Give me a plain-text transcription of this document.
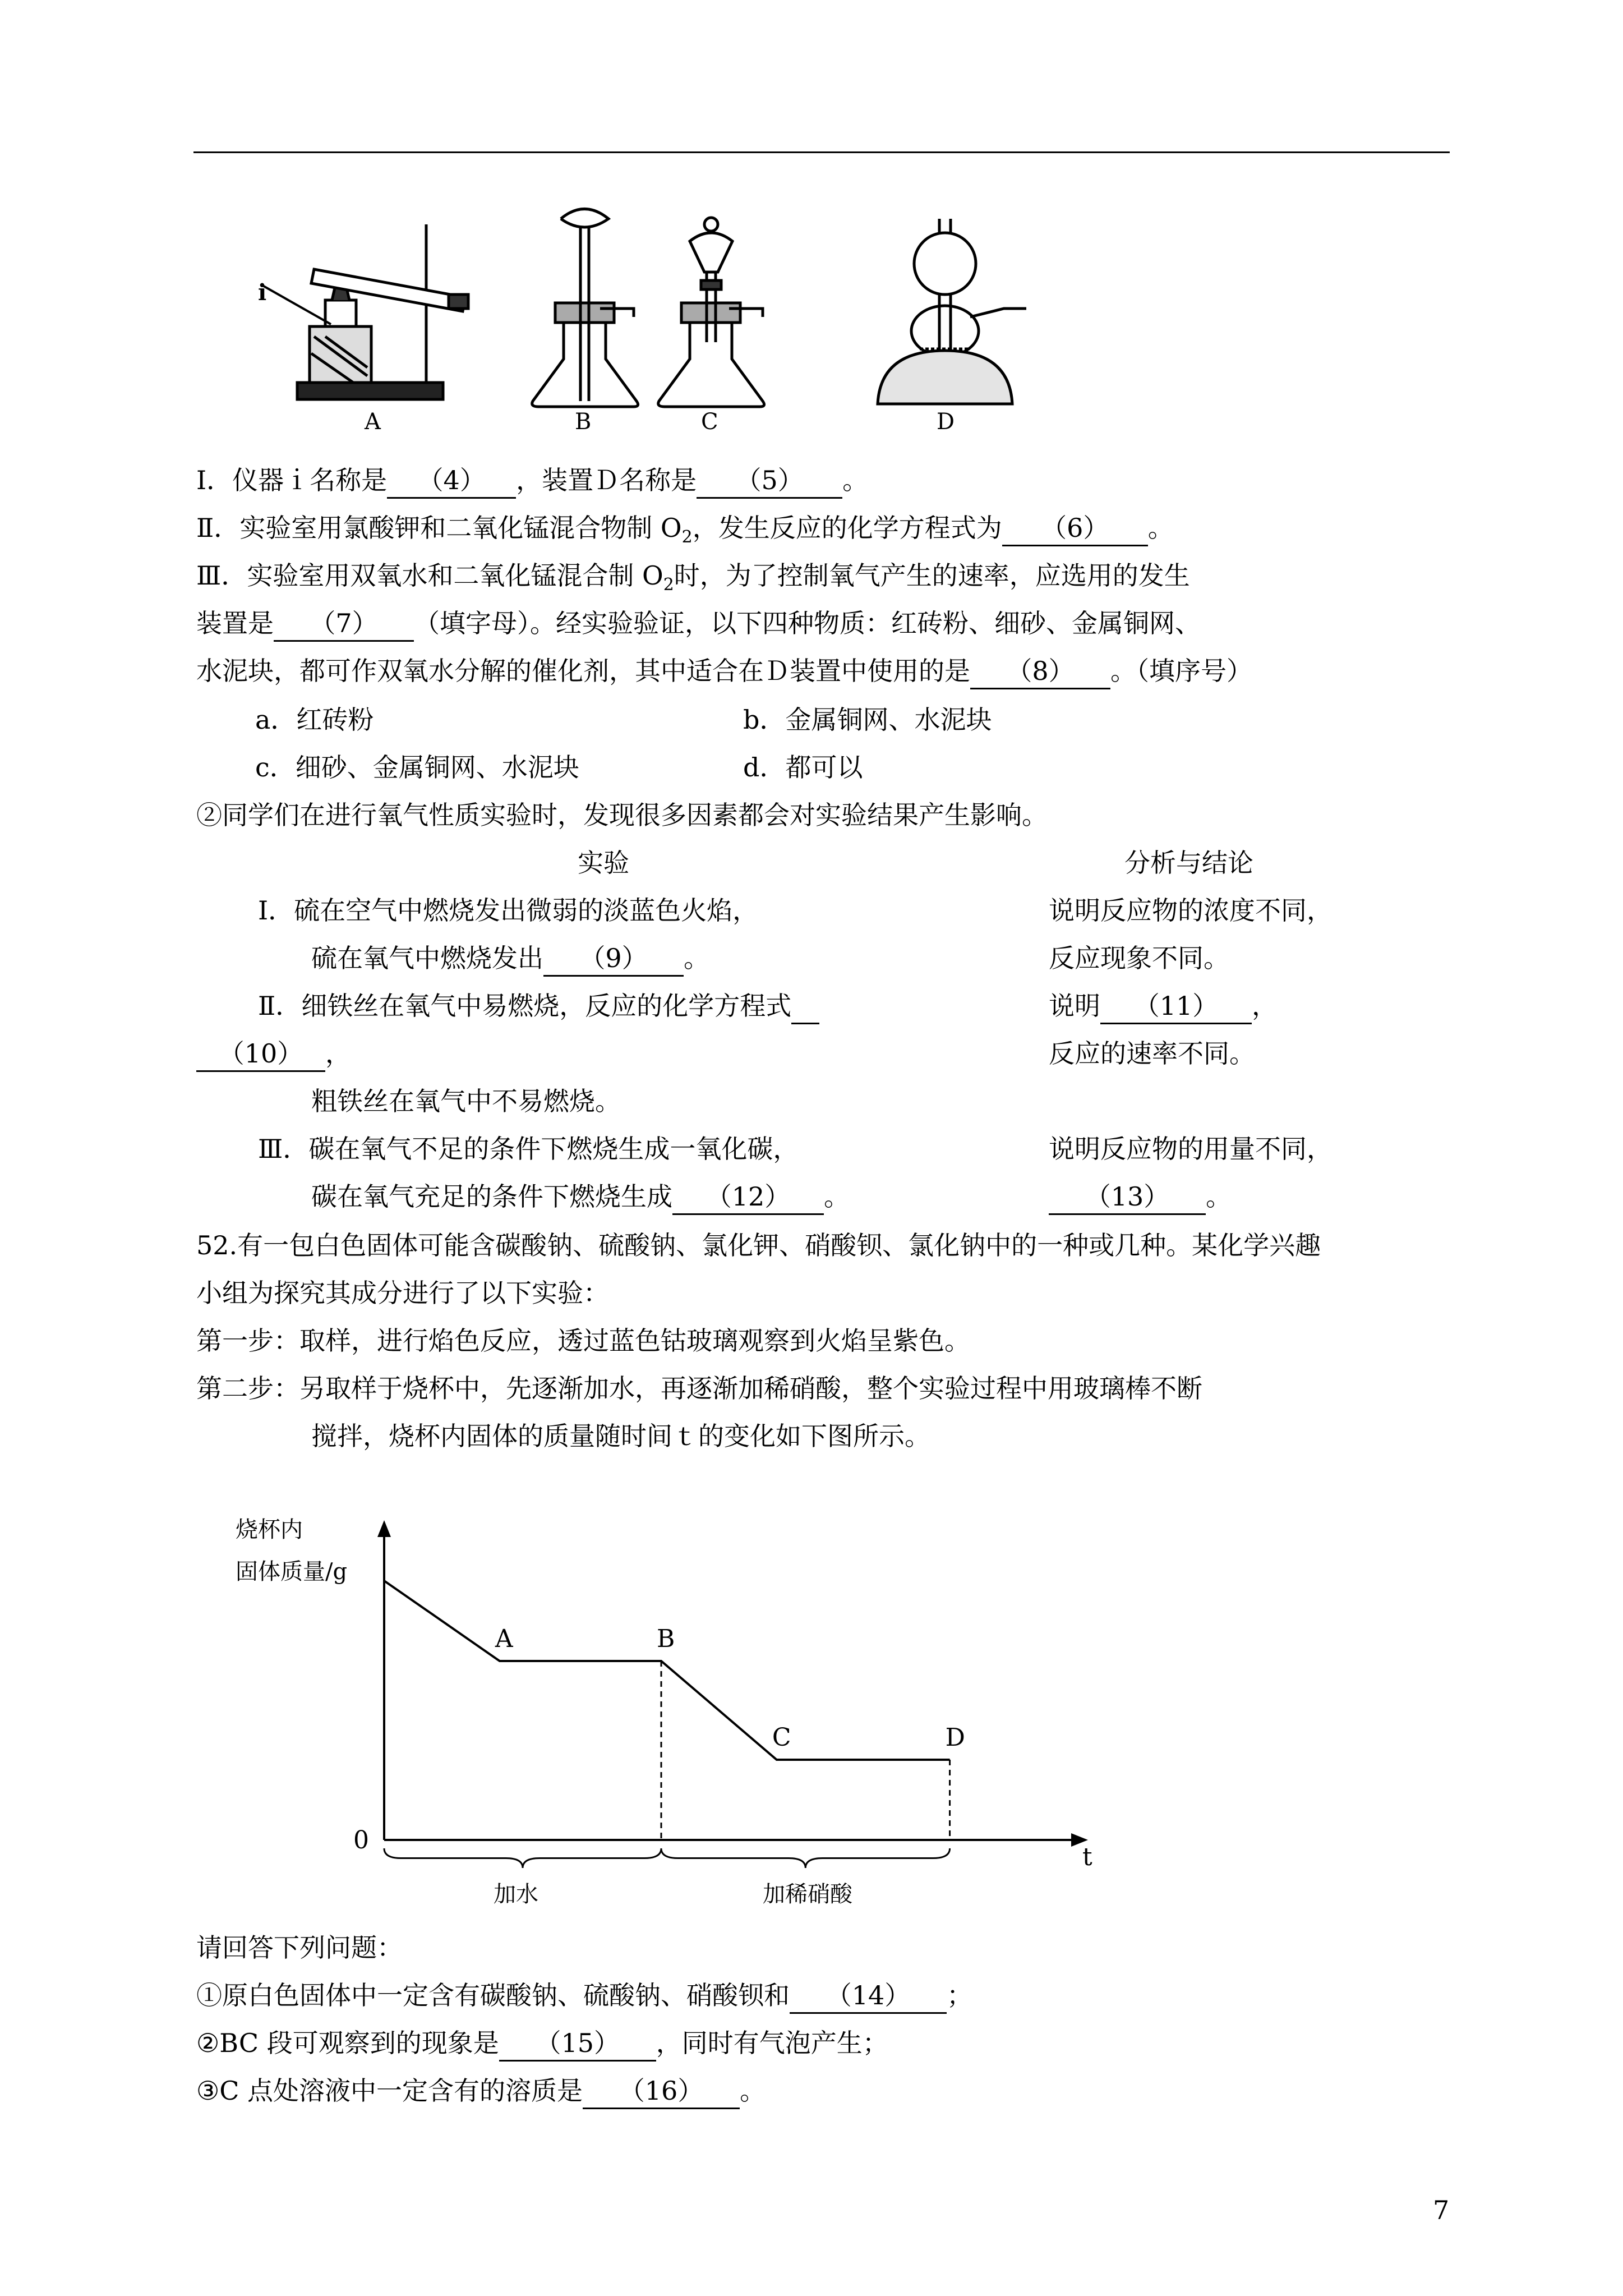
i
A	B	C	D
Ⅰ．仪器ｉ名称是 （4） ，装置Ｄ名称是 （5） 。
Ⅱ．实验室用氯酸钾和二氧化锰混合物制 $O_2$，发生反应的化学方程式为 （6） 。
Ⅲ．实验室用双氧水和二氧化锰混合制 $O_2$时，为了控制氧气产生的速率，应选用的发生
装置是 （7） （填字母）。经实验验证，以下四种物质：红砖粉、细砂、金属铜网、
水泥块，都可作双氧水分解的催化剂，其中适合在Ｄ装置中使用的是 （8） 。（填序号）
a．红砖粉	b．金属铜网、水泥块
c．细砂、金属铜网、水泥块	d．都可以
②同学们在进行氧气性质实验时，发现很多因素都会对实验结果产生影响。
实验	分析与结论
Ⅰ．硫在空气中燃烧发出微弱的淡蓝色火焰，	说明反应物的浓度不同，
硫在氧气中燃烧发出 （9） 。	反应现象不同。
Ⅱ．细铁丝在氧气中易燃烧，反应的化学方程式	说明 （11） ，
（10） ，	反应的速率不同。
粗铁丝在氧气中不易燃烧。
Ⅲ．碳在氧气不足的条件下燃烧生成一氧化碳，	说明反应物的用量不同，
碳在氧气充足的条件下燃烧生成 （12） 。	（13） 。
52.有一包白色固体可能含碳酸钠、硫酸钠、氯化钾、硝酸钡、氯化钠中的一种或几种。某化学兴趣
小组为探究其成分进行了以下实验：
第一步：取样，进行焰色反应，透过蓝色钴玻璃观察到火焰呈紫色。
第二步：另取样于烧杯中，先逐渐加水，再逐渐加稀硝酸，整个实验过程中用玻璃棒不断
搅拌，烧杯内固体的质量随时间ｔ的变化如下图所示。
烧杯内
固体质量/g
0
t
加水	加稀硝酸
A	B
C	D
请回答下列问题：
①原白色固体中一定含有碳酸钠、硫酸钠、硝酸钡和 （14） ；
②BC 段可观察到的现象是 （15） ，同时有气泡产生；
③C 点处溶液中一定含有的溶质是 （16） 。
7
